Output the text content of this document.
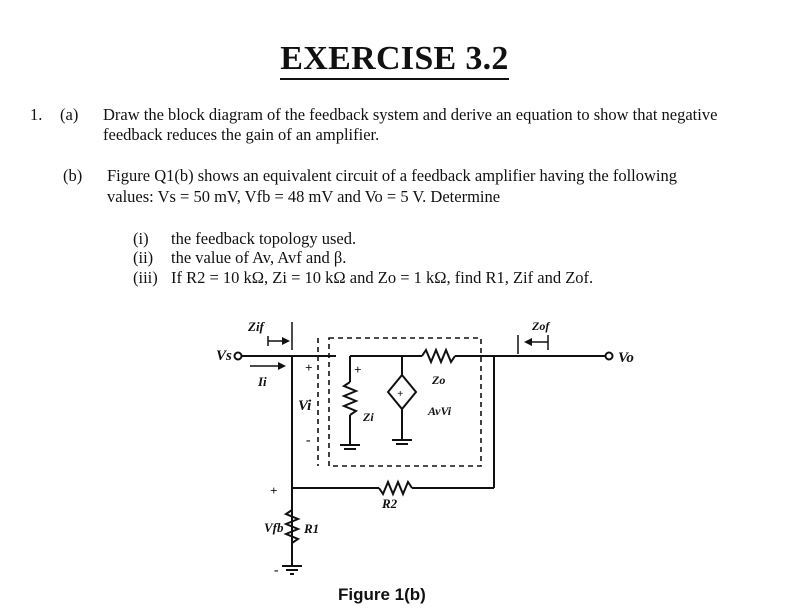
EXERCISE 3.2
1. (a) Draw the block diagram of the feedback system and derive an equation to show that negative
feedback reduces the gain of an amplifier.
(b) Figure Q1(b) shows an equivalent circuit of a feedback amplifier having the following
values: Vs = 50 mV, Vfb = 48 mV and Vo = 5 V. Determine
(i) the feedback topology used.
(ii) the value of Av, Avf and β.
(iii) If R2 = 10 kΩ, Zi = 10 kΩ and Zo = 1 kΩ, find R1, Zif and Zof.
Zif
Vs
Ii
Vi
Zi
Zo
AvVi
Zof
Vo
R2
Vfb R1
+
-
+
+
+
-
Figure 1(b)
